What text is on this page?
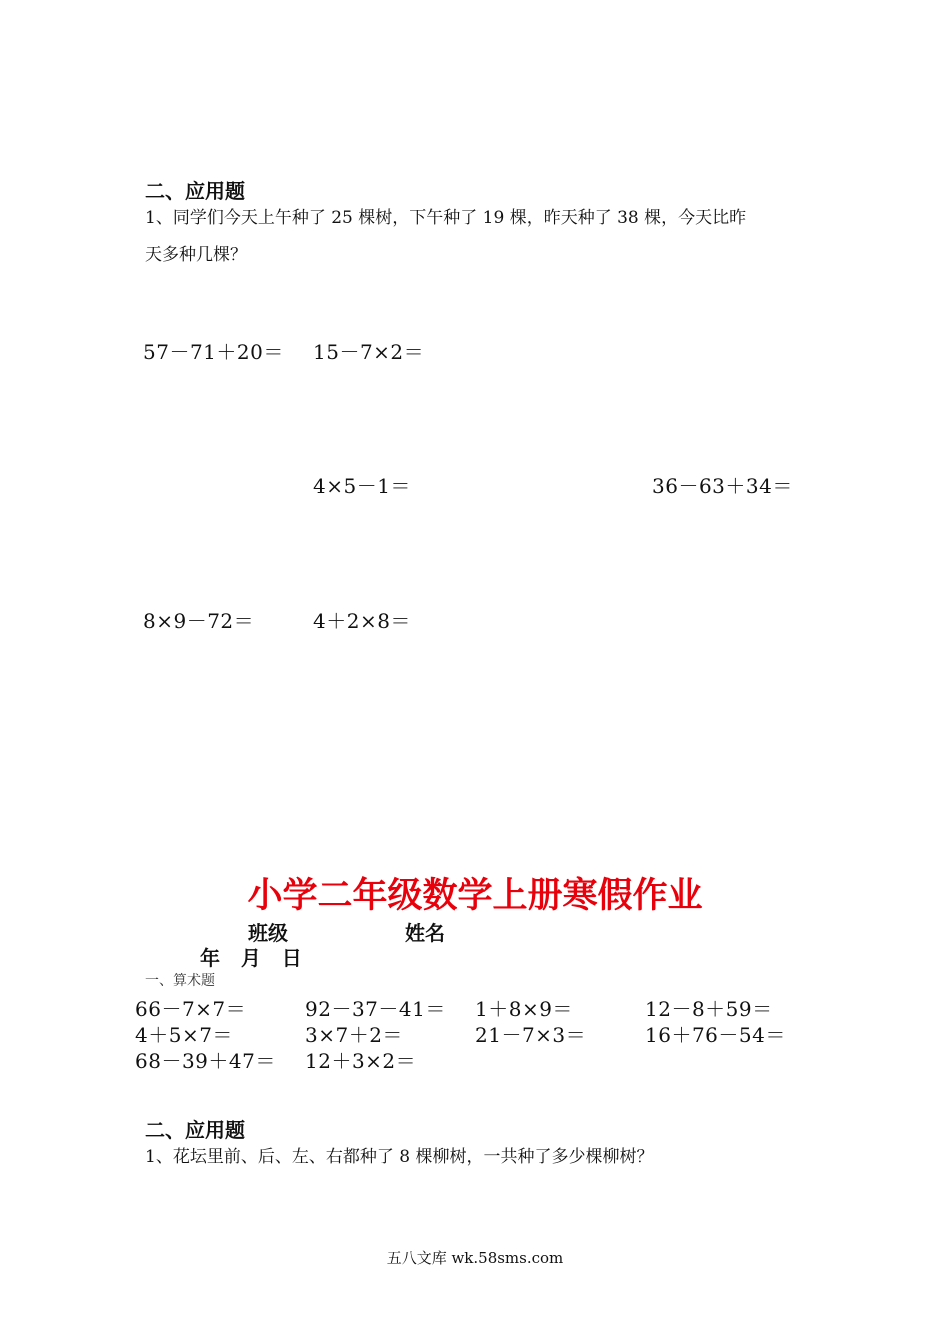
二、应用题
1、同学们今天上午种了 25 棵树，下午种了 19 棵，昨天种了 38 棵，今天比昨
天多种几棵？
57－71＋20＝ 15－7×2＝
4×5－1＝	36－63＋34＝
8×9－72＝	4＋2×8＝
小学二年级数学上册寒假作业
班级	姓名
年   月   日
一、算术题
66－7×7＝	92－37－41＝ 1＋8×9＝	12－8＋59＝
4＋5×7＝	3×7＋2＝	21－7×3＝	16＋76－54＝
68－39＋47＝ 12＋3×2＝
二、应用题
1、花坛里前、后、左、右都种了 8 棵柳树，一共种了多少棵柳树？
五八文库 wk.58sms.com
